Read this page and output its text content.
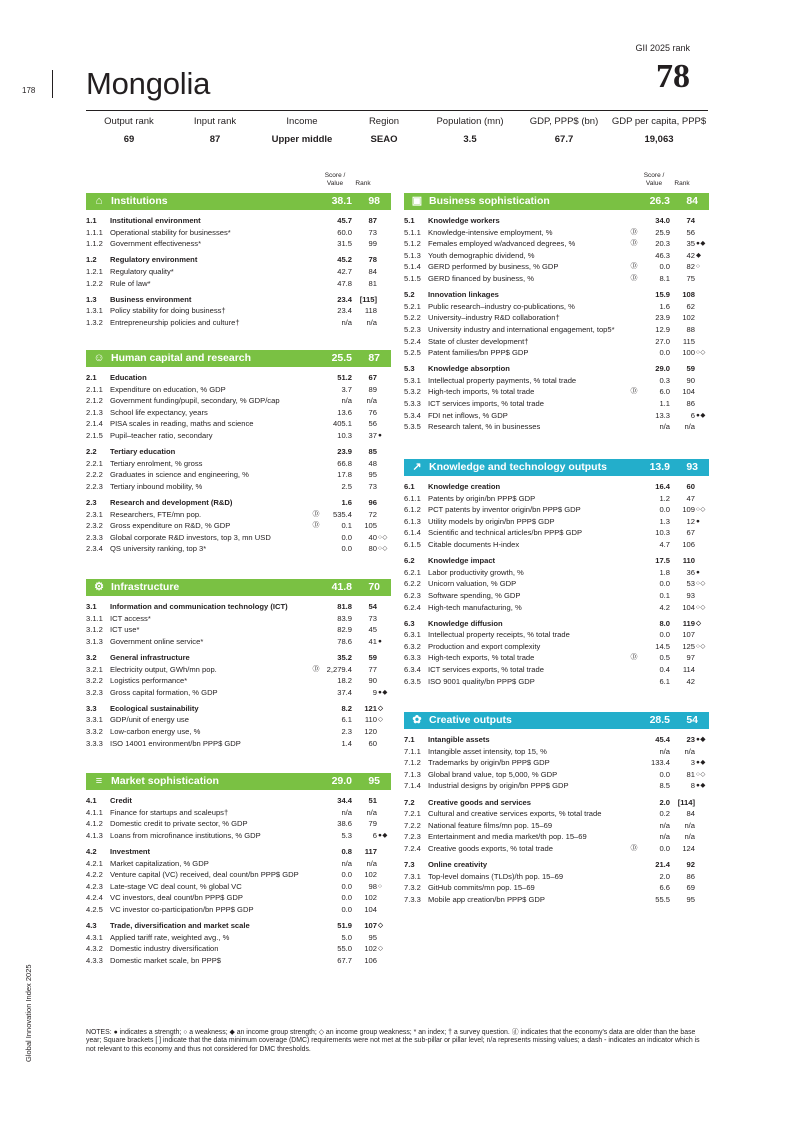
178 Mongolia
GII 2025 rank
78
Output rank
69
Input rank
87
Income
Upper middle
Region
SEAO
Population (mn)
3.5
GDP, PPP$ (bn)
67.7
GDP per capita, PPP$
19,063
Score / Value	Rank
Score / Value	Rank
⌂ Institutions	38.1	98
1.1	Institutional environment	45.7	87
1.1.1 Operational stability for businesses*	60.0	73
1.1.2 Government effectiveness*	31.5	99
1.2	Regulatory environment	45.2	78
1.2.1 Regulatory quality*	42.7	84
1.2.2 Rule of law*	47.8	81
1.3	Business environment	23.4	[115]
1.3.1 Policy stability for doing business†	23.4	118
1.3.2 Entrepreneurship policies and culture†	n/a	n/a
☺ Human capital and research	25.5	87
2.1	Education	51.2	67
2.1.1 Expenditure on education, % GDP	3.7	89
2.1.2 Government funding/pupil, secondary, % GDP/cap	n/a	n/a
2.1.3 School life expectancy, years	13.6	76
2.1.4 PISA scales in reading, maths and science	405.1	56
2.1.5 Pupil–teacher ratio, secondary	10.3	37 ●
2.2	Tertiary education	23.9	85
2.2.1 Tertiary enrolment, % gross	66.8	48
2.2.2 Graduates in science and engineering, %	17.8	95
2.2.3 Tertiary inbound mobility, %	2.5	73
2.3	Research and development (R&D)	1.6	96
2.3.1 Researchers, FTE/mn pop.	Ⓓ	535.4	72
2.3.2 Gross expenditure on R&D, % GDP	Ⓓ	0.1	105
2.3.3 Global corporate R&D investors, top 3, mn USD	0.0	40 ○◇
2.3.4 QS university ranking, top 3*	0.0	80 ○◇
⚙ Infrastructure	41.8	70
3.1	Information and communication technology (ICT)	81.8	54
3.1.1 ICT access*	83.9	73
3.1.2 ICT use*	82.9	45
3.1.3 Government online service*	78.6	41 ●
3.2	General infrastructure	35.2	59
3.2.1 Electricity output, GWh/mn pop.	Ⓓ 2,279.4	77
3.2.2 Logistics performance*	18.2	90
3.2.3 Gross capital formation, % GDP	37.4	9 ●◆
3.3	Ecological sustainability	8.2	121 ◇
3.3.1 GDP/unit of energy use	6.1	110 ◇
3.3.2 Low-carbon energy use, %	2.3	120
3.3.3 ISO 14001 environment/bn PPP$ GDP	1.4	60
≡ Market sophistication	29.0	95
4.1	Credit	34.4	51
4.1.1 Finance for startups and scaleups†	n/a	n/a
4.1.2 Domestic credit to private sector, % GDP	38.6	79
4.1.3 Loans from microfinance institutions, % GDP	5.3	6 ●◆
4.2	Investment	0.8	117
4.2.1 Market capitalization, % GDP	n/a	n/a
4.2.2 Venture capital (VC) received, deal count/bn PPP$ GDP	0.0	102
4.2.3 Late-stage VC deal count, % global VC	0.0	98 ○
4.2.4 VC investors, deal count/bn PPP$ GDP	0.0	102
4.2.5 VC investor co-participation/bn PPP$ GDP	0.0	104
4.3	Trade, diversification and market scale	51.9	107 ◇
4.3.1 Applied tariff rate, weighted avg., %	5.0	95
4.3.2 Domestic industry diversification	55.0	102 ◇
4.3.3 Domestic market scale, bn PPP$	67.7	106
▣ Business sophistication	26.3	84
5.1	Knowledge workers	34.0	74
5.1.1 Knowledge-intensive employment, %	Ⓓ	25.9	56
5.1.2 Females employed w/advanced degrees, %	Ⓓ	20.3	35 ●◆
5.1.3 Youth demographic dividend, %	46.3	42 ◆
5.1.4 GERD performed by business, % GDP	Ⓓ	0.0	82 ○
5.1.5 GERD financed by business, %	Ⓓ	8.1	75
5.2	Innovation linkages	15.9	108
5.2.1 Public research–industry co-publications, %	1.6	62
5.2.2 University–industry R&D collaboration†	23.9	102
5.2.3 University industry and international engagement, top5*	12.9	88
5.2.4 State of cluster development†	27.0	115
5.2.5 Patent families/bn PPP$ GDP	0.0	100 ○◇
5.3	Knowledge absorption	29.0	59
5.3.1 Intellectual property payments, % total trade	0.3	90
5.3.2 High-tech imports, % total trade	Ⓓ	6.0	104
5.3.3 ICT services imports, % total trade	1.1	86
5.3.4 FDI net inflows, % GDP	13.3	6 ●◆
5.3.5 Research talent, % in businesses	n/a	n/a
↗ Knowledge and technology outputs	13.9	93
6.1	Knowledge creation	16.4	60
6.1.1 Patents by origin/bn PPP$ GDP	1.2	47
6.1.2 PCT patents by inventor origin/bn PPP$ GDP	0.0	109 ○◇
6.1.3 Utility models by origin/bn PPP$ GDP	1.3	12 ●
6.1.4 Scientific and technical articles/bn PPP$ GDP	10.3	67
6.1.5 Citable documents H-index	4.7	106
6.2	Knowledge impact	17.5	110
6.2.1 Labor productivity growth, %	1.8	36 ●
6.2.2 Unicorn valuation, % GDP	0.0	53 ○◇
6.2.3 Software spending, % GDP	0.1	93
6.2.4 High-tech manufacturing, %	4.2	104 ○◇
6.3	Knowledge diffusion	8.0	119 ◇
6.3.1 Intellectual property receipts, % total trade	0.0	107
6.3.2 Production and export complexity	14.5	125 ○◇
6.3.3 High-tech exports, % total trade	Ⓓ	0.5	97
6.3.4 ICT services exports, % total trade	0.4	114
6.3.5 ISO 9001 quality/bn PPP$ GDP	6.1	42
✿ Creative outputs	28.5	54
7.1	Intangible assets	45.4	23 ●◆
7.1.1 Intangible asset intensity, top 15, %	n/a	n/a
7.1.2 Trademarks by origin/bn PPP$ GDP	133.4	3 ●◆
7.1.3 Global brand value, top 5,000, % GDP	0.0	81 ○◇
7.1.4 Industrial designs by origin/bn PPP$ GDP	8.5	8 ●◆
7.2	Creative goods and services	2.0	[114]
7.2.1 Cultural and creative services exports, % total trade	0.2	84
7.2.2 National feature films/mn pop. 15–69	n/a	n/a
7.2.3 Entertainment and media market/th pop. 15–69	n/a	n/a
7.2.4 Creative goods exports, % total trade	Ⓓ	0.0	124
7.3	Online creativity	21.4	92
7.3.1 Top-level domains (TLDs)/th pop. 15–69	2.0	86
7.3.2 GitHub commits/mn pop. 15–69	6.6	69
7.3.3 Mobile app creation/bn PPP$ GDP	55.5	95
NOTES: ● indicates a strength; ○ a weakness; ◆ an income group strength; ◇ an income group weakness; * an index; † a survey question. ⓓ indicates that the economy's data are older than the base year; Square brackets [ ] indicate that the data minimum coverage (DMC) requirements were not met at the sub-pillar or pillar level; n/a represents missing values; a dash - indicates an indicator which is not relevant to this economy and thus not considered for DMC thresholds.
Global Innovation Index 2025
